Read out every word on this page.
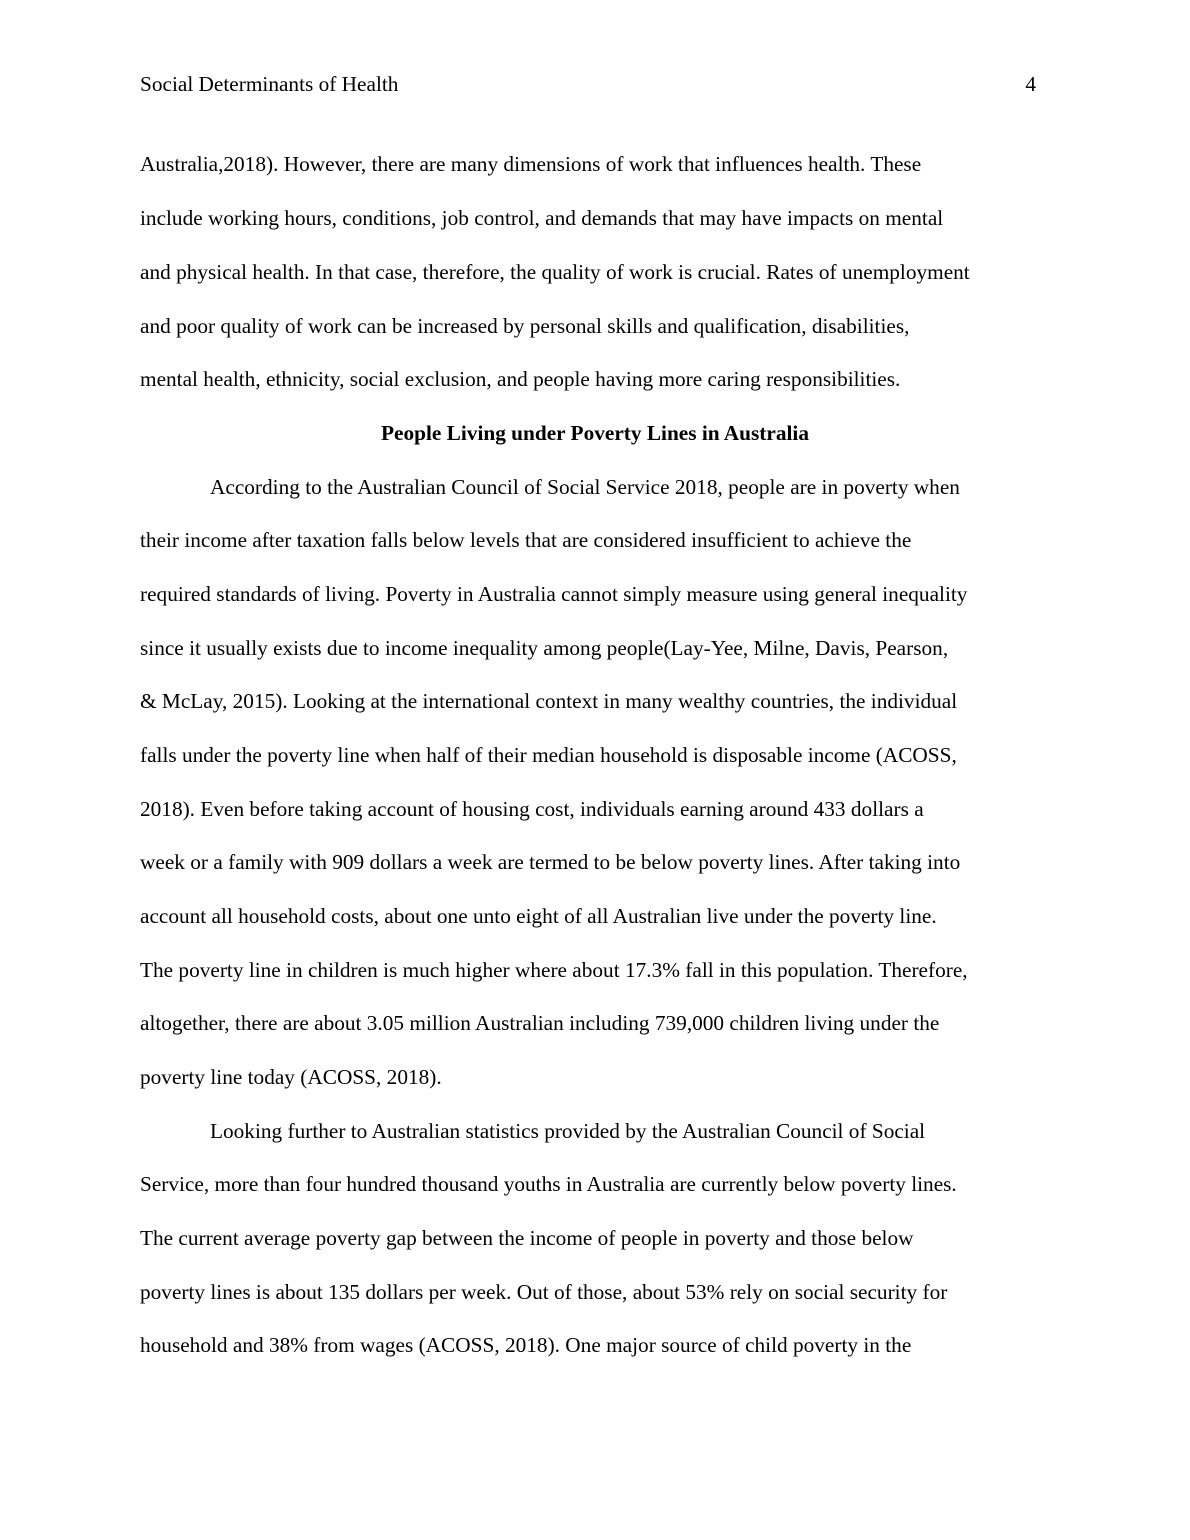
Social Determinants of Health	4
Australia,2018). However, there are many dimensions of work that influences health. These
include working hours, conditions, job control, and demands that may have impacts on mental
and physical health. In that case, therefore, the quality of work is crucial. Rates of unemployment
and poor quality of work can be increased by personal skills and qualification, disabilities,
mental health, ethnicity, social exclusion, and people having more caring responsibilities.
People Living under Poverty Lines in Australia
According to the Australian Council of Social Service 2018, people are in poverty when
their income after taxation falls below levels that are considered insufficient to achieve the
required standards of living. Poverty in Australia cannot simply measure using general inequality
since it usually exists due to income inequality among people(Lay-Yee, Milne, Davis, Pearson,
& McLay, 2015). Looking at the international context in many wealthy countries, the individual
falls under the poverty line when half of their median household is disposable income (ACOSS,
2018). Even before taking account of housing cost, individuals earning around 433 dollars a
week or a family with 909 dollars a week are termed to be below poverty lines. After taking into
account all household costs, about one unto eight of all Australian live under the poverty line.
The poverty line in children is much higher where about 17.3% fall in this population. Therefore,
altogether, there are about 3.05 million Australian including 739,000 children living under the
poverty line today (ACOSS, 2018).
Looking further to Australian statistics provided by the Australian Council of Social
Service, more than four hundred thousand youths in Australia are currently below poverty lines.
The current average poverty gap between the income of people in poverty and those below
poverty lines is about 135 dollars per week. Out of those, about 53% rely on social security for
household and 38% from wages (ACOSS, 2018). One major source of child poverty in the
